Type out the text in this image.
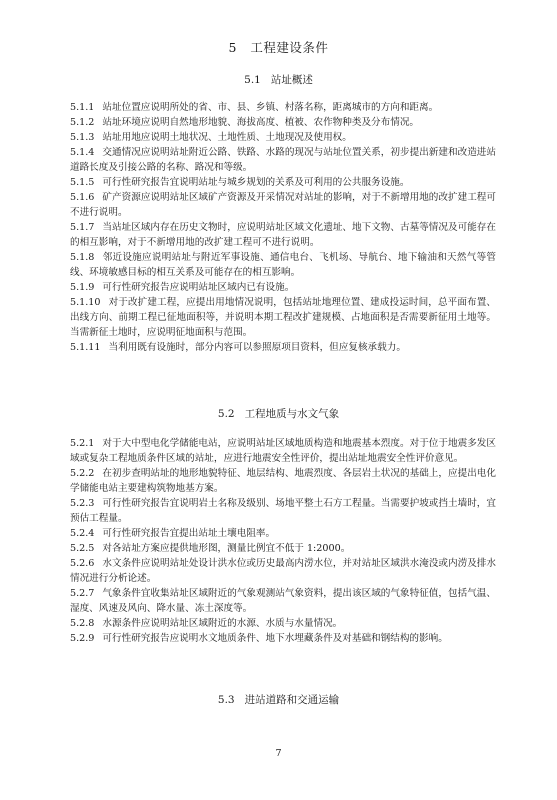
5 工程建设条件
5.1 站址概述

5.1.1 站址位置应说明所处的省、市、县、乡镇、村落名称，距离城市的方向和距离。

5.1.2 站址环境应说明自然地形地貌、海拔高度、植被、农作物种类及分布情况。

5.1.3 站址用地应说明土地状况、土地性质、土地现况及使用权。

5.1.4 交通情况应说明站址附近公路、铁路、水路的现况与站址位置关系，初步提出新建和改造进站道路长度及引接公路的名称、路况和等级。

5.1.5 可行性研究报告宜说明站址与城乡规划的关系及可利用的公共服务设施。

5.1.6 矿产资源应说明站址区域矿产资源及开采情况对站址的影响，对于不新增用地的改扩建工程可不进行说明。

5.1.7 当站址区域内存在历史文物时，应说明站址区域文化遗址、地下文物、古墓等情况及可能存在的相互影响，对于不新增用地的改扩建工程可不进行说明。

5.1.8 邻近设施应说明站址与附近军事设施、通信电台、飞机场、导航台、地下输油和天然气等管线、环境敏感目标的相互关系及可能存在的相互影响。

5.1.9 可行性研究报告应说明站址区域内已有设施。

5.1.10 对于改扩建工程，应提出用地情况说明，包括站址地理位置、建成投运时间，总平面布置、出线方向、前期工程已征地面积等，并说明本期工程改扩建规模、占地面积是否需要新征用土地等。当需新征土地时，应说明征地面积与范围。

5.1.11 当利用既有设施时，部分内容可以参照原项目资料，但应复核承载力。

5.2 工程地质与水文气象

5.2.1 对于大中型电化学储能电站，应说明站址区域地质构造和地震基本烈度。对于位于地震多发区域或复杂工程地质条件区域的站址，应进行地震安全性评价，提出站址地震安全性评价意见。

5.2.2 在初步查明站址的地形地貌特征、地层结构、地震烈度、各层岩土状况的基础上，应提出电化学储能电站主要建构筑物地基方案。

5.2.3 可行性研究报告宜说明岩土名称及级别、场地平整土石方工程量。当需要护坡或挡土墙时，宜预估工程量。

5.2.4 可行性研究报告宜提出站址土壤电阻率。

5.2.5 对各站址方案应提供地形图，测量比例宜不低于 1:2000。

5.2.6 水文条件应说明站址处设计洪水位或历史最高内涝水位，并对站址区域洪水淹没或内涝及排水情况进行分析论述。

5.2.7 气象条件宜收集站址区域附近的气象观测站气象资料，提出该区域的气象特征值，包括气温、湿度、风速及风向、降水量、冻土深度等。

5.2.8 水源条件应说明站址区域附近的水源、水质与水量情况。

5.2.9 可行性研究报告应说明水文地质条件、地下水埋藏条件及对基础和钢结构的影响。

5.3 进站道路和交通运输
7
